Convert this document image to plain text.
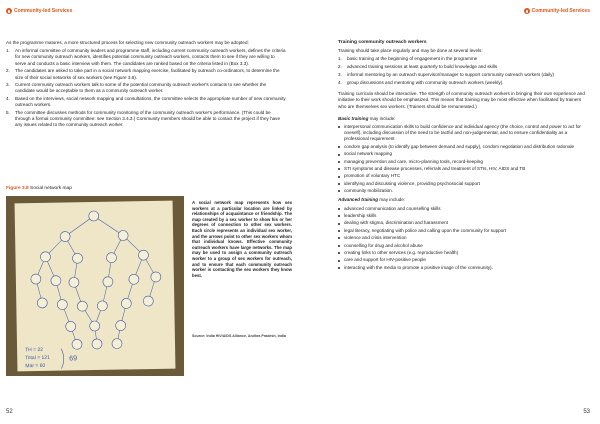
Community-led Services

As the programme matures, a more structured process for selecting new community outreach workers may be adopted:

1. An informal committee of community leaders and programme staff, including current community outreach workers, defines the criteria for new community outreach workers, identifies potential community outreach workers, contacts them to see if they are willing to serve and conducts a basic interview with them. The candidates are ranked based on the criteria listed in (Box 3.3).
2. The candidates are asked to take part in a social network mapping exercise, facilitated by outreach co-ordinators, to determine the size of their social networks of sex workers (see Figure 3.8).
3. Current community outreach workers talk to some of the potential community outreach worker's contacts to see whether the candidate would be acceptable to them as a community outreach worker.
4. Based on the interviews, social network mapping and consultations, the committee selects the appropriate number of new community outreach workers.
5. The committee discusses methods for community monitoring of the community outreach worker's performance. (This could be through a formal community committee: see Section 3.4.3.) Community members should be able to contact the project if they have any issues related to the community outreach worker.
Figure 3.8 Social network map
TH = 22
Total = 121
Mar = 60
69
A social network map represents how sex workers at a particular location are linked by relationships of acquaintance or friendship. The map created by a sex worker to show his or her degrees of connection to other sex workers. Each circle represents an individual sex worker, and the arrows point to other sex workers whom that individual knows. Effective community outreach workers have large networks. The map may be used to assign a community outreach worker to a group of sex workers for outreach, and to ensure that each community outreach worker is contacting the sex workers they know best.
Source: India HIV/AIDS Alliance, Andhra Pradesh, India
52
Community-led Services
Training community outreach workers

Training should take place regularly and may be done at several levels:

1. basic training at the beginning of engagement in the programme
2. advanced training sessions at least quarterly to build knowledge and skills
3. informal mentoring by an outreach supervisor/manager to support community outreach workers (daily)
4. group discussions and mentoring with community outreach workers (weekly).

Training curricula should be interactive. The strength of community outreach workers in bringing their own experience and initiative to their work should be emphasized. This means that training may be most effective when facilitated by trainers who are themselves sex workers. (Trainers should be remunerated.)

Basic training may include:

interpersonal communication skills to build confidence and individual agency (the choice, control and power to act for oneself), including discussion of the need to be tactful and non-judgemental, and to ensure confidentiality as a professional requirement
condom gap analysis (to identify gap between demand and supply), condom negotiation and distribution rationale
social network mapping
managing prevention and care, micro-planning tools, record-keeping
STI symptoms and disease processes, referrals and treatment of STIs, HIV, AIDS and TB
promotion of voluntary HTC
identifying and discussing violence, providing psychosocial support
community mobilization.

Advanced training may include:

advanced communication and counselling skills
leadership skills
dealing with stigma, discrimination and harassment
legal literacy, negotiating with police and calling upon the community for support
violence and crisis intervention
counselling for drug and alcohol abuse
creating links to other services (e.g. reproductive health)
care and support for HIV-positive people
interacting with the media to promote a positive image of the community).
53
